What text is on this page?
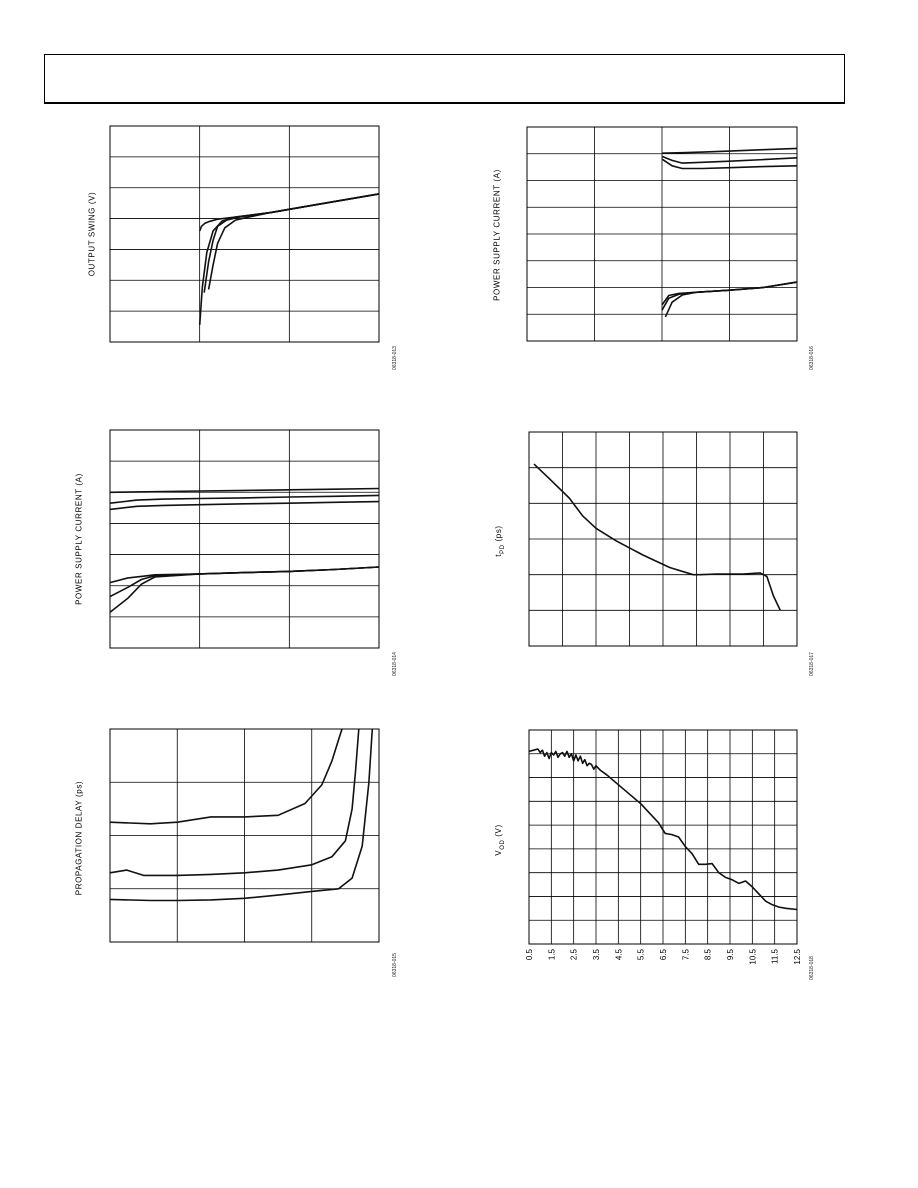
OUTPUT SWING (V)
06318-013
POWER SUPPLY CURRENT (A)
06318-016
POWER SUPPLY CURRENT (A)
06318-014
$t_{PD}$ (ps)
06318-017
PROPAGATION DELAY (ps)
06318-015
$V_{OD}$ (V)
06318-018
0.5 1.5 2.5 3.5 4.5 5.5 6.5 7.5 8.5 9.5 10.5 11.5 12.5
